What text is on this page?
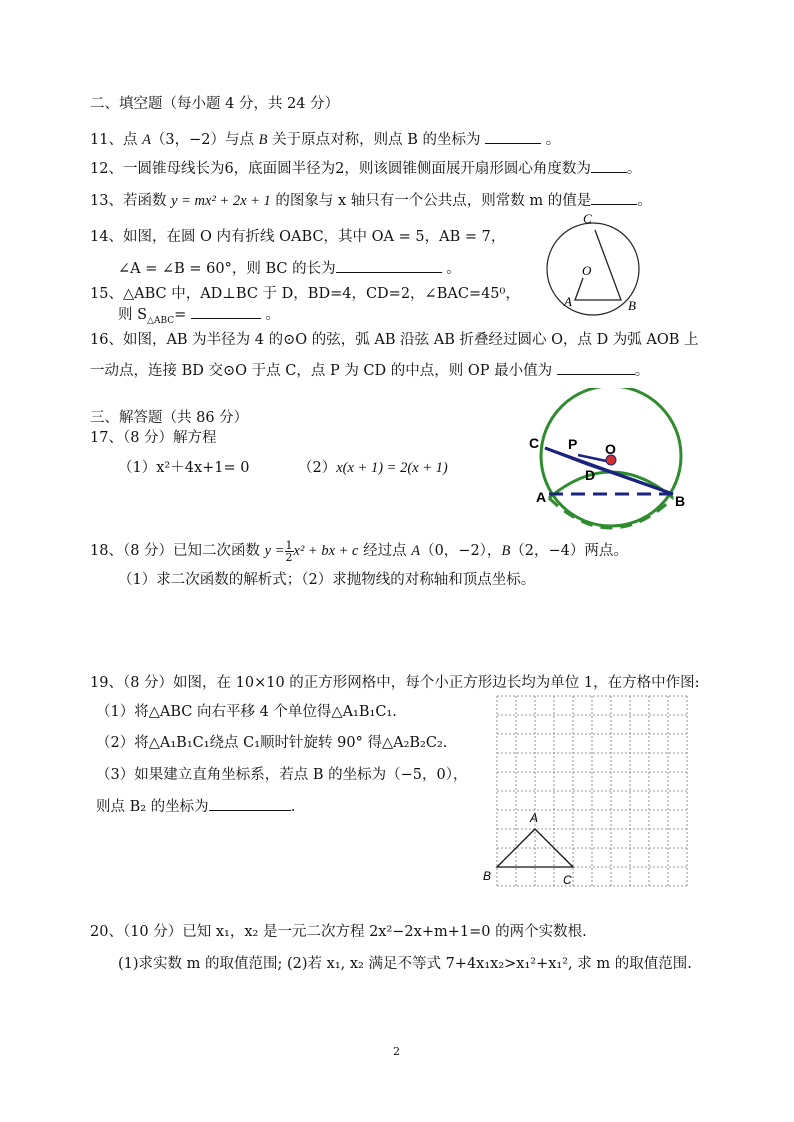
二、填空题（每小题 4 分，共 24 分）
11、点 A（3，−2）与点 B 关于原点对称，则点 B 的坐标为	。
12、一圆锥母线长为6，底面圆半径为2，则该圆锥侧面展开扇形圆心角度数为 。
13、若函数 y = mx² + 2x + 1 的图象与 x 轴只有一个公共点，则常数 m 的值是	。
14、如图，在圆 O 内有折线 OABC，其中 OA = 5，AB = 7，
∠A = ∠B = 60°，则 BC 的长为	。
C
O
A	B
15、△ABC 中，AD⊥BC 于 D，BD=4，CD=2，∠BAC=45⁰，
则 $S_{\triangle ABC}=$	。
16、如图，AB 为半径为 4 的⊙O 的弦，弧 AB 沿弦 AB 折叠经过圆心 O，点 D 为弧 AOB 上
一动点，连接 BD 交⊙O 于点 C，点 P 为 CD 的中点，则 OP 最小值为	。
三、解答题（共 86 分）
17、（8 分）解方程
（1）x²＋4x+1= 0	（2）x(x + 1) = 2(x + 1)
C P O
D
A	B
18、（8 分）已知二次函数 $y = \frac{1}{2} x^2$ + bx + c 经过点 A（0，−2），B（2，−4）两点。
（1）求二次函数的解析式；（2）求抛物线的对称轴和顶点坐标。
19、（8 分）如图，在 10×10 的正方形网格中，每个小正方形边长均为单位 1，在方格中作图:
（1）将△ABC 向右平移 4 个单位得△A₁B₁C₁.
（2）将△A₁B₁C₁绕点 C₁顺时针旋转 90° 得△A₂B₂C₂.
（3）如果建立直角坐标系，若点 B 的坐标为（−5，0），
则点 B₂ 的坐标为	.
A
B	C
20、（10 分）已知 x₁，x₂ 是一元二次方程 2x²−2x+m+1=0 的两个实数根.
(1)求实数 m 的取值范围; (2)若 x₁, x₂ 满足不等式 7+4x₁x₂>x₁²+x₁², 求 m 的取值范围.
2
